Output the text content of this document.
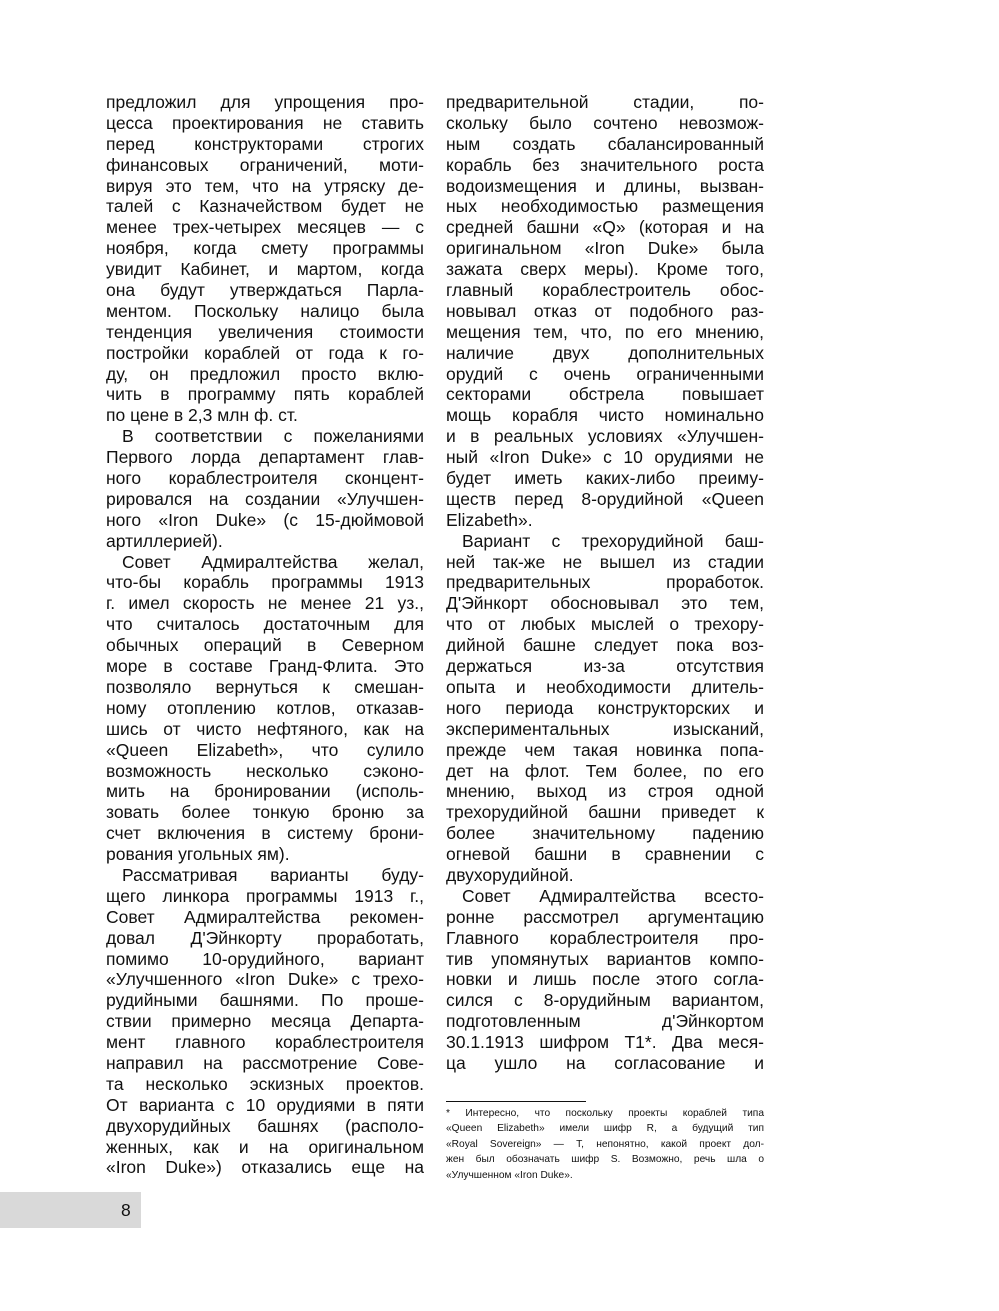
предложил для упрощения про-
цесса проектирования не ставить
перед конструкторами строгих
финансовых ограничений, моти-
вируя это тем, что на утряску де-
талей с Казначейством будет не
менее трех-четырех месяцев — с
ноября, когда смету программы
увидит Кабинет, и мартом, когда
она будут утверждаться Парла-
ментом. Поскольку налицо была
тенденция увеличения стоимости
постройки кораблей от года к го-
ду, он предложил просто вклю-
чить в программу пять кораблей
по цене в 2,3 млн ф. ст.
В соответствии с пожеланиями
Первого лорда департамент глав-
ного кораблестроителя сконцент-
рировался на создании «Улучшен-
ного «Iron Duke» (с 15-дюймовой
артиллерией).
Совет Адмиралтейства желал,
что-бы корабль программы 1913
г. имел скорость не менее 21 уз.,
что считалось достаточным для
обычных операций в Северном
море в составе Гранд-Флита. Это
позволяло вернуться к смешан-
ному отоплению котлов, отказав-
шись от чисто нефтяного, как на
«Queen Elizabeth», что сулило
возможность несколько сэконо-
мить на бронировании (исполь-
зовать более тонкую броню за
счет включения в систему брони-
рования угольных ям).
Рассматривая варианты буду-
щего линкора программы 1913 г.,
Совет Адмиралтейства рекомен-
довал Д'Эйнкорту проработать,
помимо 10-орудийного, вариант
«Улучшенного «Iron Duke» с трехо-
рудийными башнями. По проше-
ствии примерно месяца Департа-
мент главного кораблестроителя
направил на рассмотрение Сове-
та несколько эскизных проектов.
От варианта с 10 орудиями в пяти
двухорудийных башнях (располо-
женных, как и на оригинальном
«Iron Duke») отказались еще на
предварительной стадии, по-
скольку было сочтено невозмож-
ным создать сбалансированный
корабль без значительного роста
водоизмещения и длины, вызван-
ных необходимостью размещения
средней башни «Q» (которая и на
оригинальном «Iron Duke» была
зажата сверх меры). Кроме того,
главный кораблестроитель обос-
новывал отказ от подобного раз-
мещения тем, что, по его мнению,
наличие двух дополнительных
орудий с очень ограниченными
секторами обстрела повышает
мощь корабля чисто номинально
и в реальных условиях «Улучшен-
ный «Iron Duke» с 10 орудиями не
будет иметь каких-либо преиму-
ществ перед 8-орудийной «Queen
Elizabeth».
Вариант с трехорудийной баш-
ней так-же не вышел из стадии
предварительных проработок.
Д'Эйнкорт обосновывал это тем,
что от любых мыслей о трехору-
дийной башне следует пока воз-
держаться из-за отсутствия
опыта и необходимости длитель-
ного периода конструкторских и
экспериментальных изысканий,
прежде чем такая новинка попа-
дет на флот. Тем более, по его
мнению, выход из строя одной
трехорудийной башни приведет к
более значительному падению
огневой башни в сравнении с
двухорудийной.
Совет Адмиралтейства всесто-
ронне рассмотрел аргументацию
Главного кораблестроителя про-
тив упомянутых вариантов компо-
новки и лишь после этого согла-
сился с 8-орудийным вариантом,
подготовленным д'Эйнкортом
30.1.1913 шифром Т1*. Два меся-
ца ушло на согласование и
* Интересно, что поскольку проекты кораблей типа
«Queen Elizabeth» имели шифр R, а будущий тип
«Royal Sovereign» — Т, непонятно, какой проект дол-
жен был обозначать шифр S. Возможно, речь шла о
«Улучшенном «Iron Duke».
8
